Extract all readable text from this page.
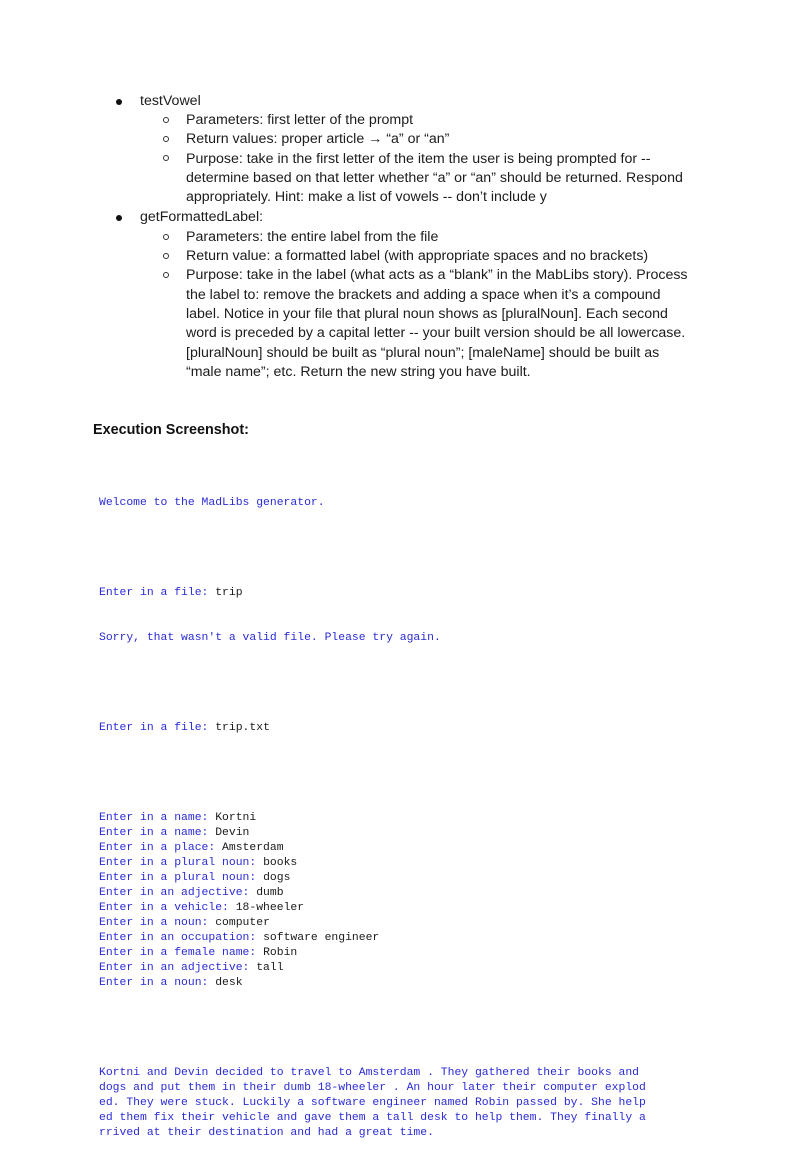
testVowel
Parameters: first letter of the prompt
Return values: proper article → “a” or “an”
Purpose: take in the first letter of the item the user is being prompted for --
determine based on that letter whether “a” or “an” should be returned. Respond
appropriately. Hint: make a list of vowels -- don’t include y
getFormattedLabel:
Parameters: the entire label from the file
Return value: a formatted label (with appropriate spaces and no brackets)
Purpose: take in the label (what acts as a “blank” in the MabLibs story). Process
the label to: remove the brackets and adding a space when it’s a compound
label. Notice in your file that plural noun shows as [pluralNoun]. Each second
word is preceded by a capital letter -- your built version should be all lowercase.
[pluralNoun] should be built as “plural noun”; [maleName] should be built as
“male name”; etc. Return the new string you have built.
Execution Screenshot:

Welcome to the MadLibs generator.

Enter in a file: trip

Sorry, that wasn't a valid file. Please try again.

Enter in a file: trip.txt

Enter in a name: Kortni
Enter in a name: Devin
Enter in a place: Amsterdam
Enter in a plural noun: books
Enter in a plural noun: dogs
Enter in an adjective: dumb
Enter in a vehicle: 18-wheeler
Enter in a noun: computer
Enter in an occupation: software engineer
Enter in a female name: Robin
Enter in an adjective: tall
Enter in a noun: desk

Kortni and Devin decided to travel to Amsterdam . They gathered their books and
dogs and put them in their dumb 18-wheeler . An hour later their computer explod
ed. They were stuck. Luckily a software engineer named Robin passed by. She help
ed them fix their vehicle and gave them a tall desk to help them. They finally a
rrived at their destination and had a great time.
